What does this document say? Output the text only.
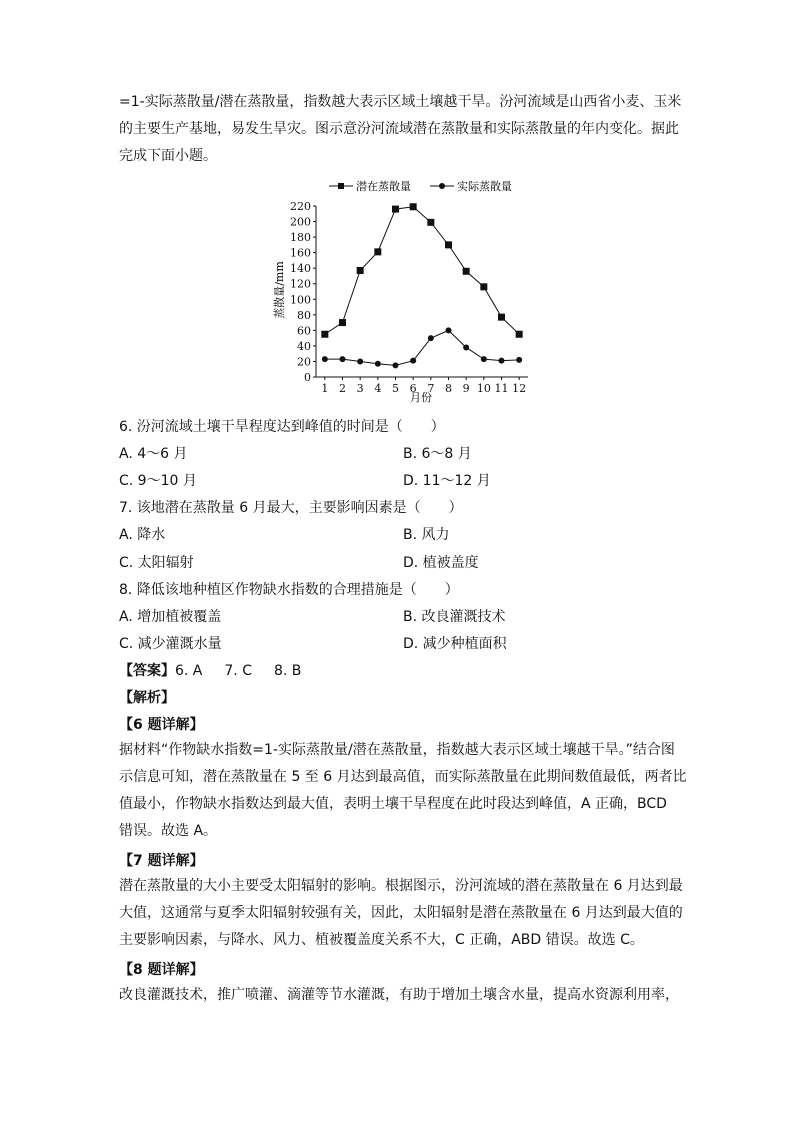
=1-实际蒸散量/潜在蒸散量，指数越大表示区域土壤越干旱。汾河流域是山西省小麦、玉米
的主要生产基地，易发生旱灾。图示意汾河流域潜在蒸散量和实际蒸散量的年内变化。据此
完成下面小题。
潜在蒸散量	实际蒸散量
0
20
40
60
80
100
120
140
160
180
200
220
1 2 3 4 5 6 7 8 9 10 11 12
蒸散量/mm
月份
6. 汾河流域土壤干旱程度达到峰值的时间是（　　）
A. 4～6 月	B. 6～8 月
C. 9～10 月	D. 11～12 月
7. 该地潜在蒸散量 6 月最大，主要影响因素是（　　）
A. 降水	B. 风力
C. 太阳辐射	D. 植被盖度
8. 降低该地种植区作物缺水指数的合理措施是（　　）
A. 增加植被覆盖	B. 改良灌溉技术
C. 减少灌溉水量	D. 减少种植面积
【答案】6. A 7. C 8. B
【解析】
【6 题详解】
据材料“作物缺水指数=1-实际蒸散量/潜在蒸散量，指数越大表示区域土壤越干旱。”结合图
示信息可知，潜在蒸散量在 5 至 6 月达到最高值，而实际蒸散量在此期间数值最低，两者比
值最小，作物缺水指数达到最大值，表明土壤干旱程度在此时段达到峰值，A 正确，BCD
错误。故选 A。
【7 题详解】
潜在蒸散量的大小主要受太阳辐射的影响。根据图示，汾河流域的潜在蒸散量在 6 月达到最
大值，这通常与夏季太阳辐射较强有关，因此，太阳辐射是潜在蒸散量在 6 月达到最大值的
主要影响因素，与降水、风力、植被覆盖度关系不大，C 正确，ABD 错误。故选 C。
【8 题详解】
改良灌溉技术，推广喷灌、滴灌等节水灌溉，有助于增加土壤含水量，提高水资源利用率，
